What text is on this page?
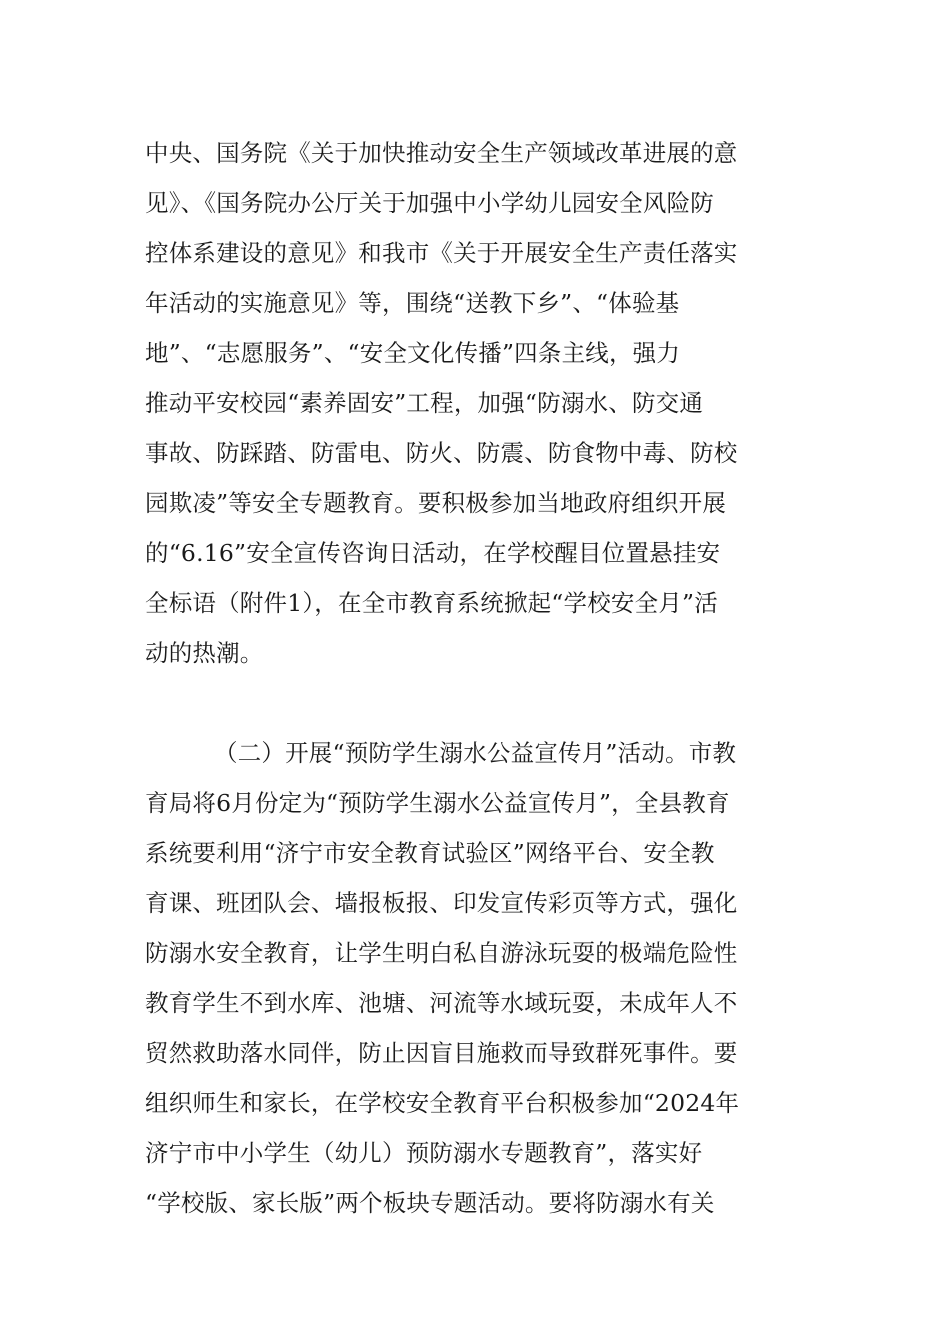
中央、国务院《关于加快推动安全生产领域改革进展的意
见》、《国务院办公厅关于加强中小学幼儿园安全风险防
控体系建设的意见》和我市《关于开展安全生产责任落实
年活动的实施意见》等，围绕“送教下乡”、“体验基
地”、“志愿服务”、“安全文化传播”四条主线，强力
推动平安校园“素养固安”工程，加强“防溺水、防交通
事故、防踩踏、防雷电、防火、防震、防食物中毒、防校
园欺凌”等安全专题教育。要积极参加当地政府组织开展
的“6.16”安全宣传咨询日活动，在学校醒目位置悬挂安
全标语（附件1），在全市教育系统掀起“学校安全月”活
动的热潮。
（二）开展“预防学生溺水公益宣传月”活动。市教
育局将6月份定为“预防学生溺水公益宣传月”，全县教育
系统要利用“济宁市安全教育试验区”网络平台、安全教
育课、班团队会、墙报板报、印发宣传彩页等方式，强化
防溺水安全教育，让学生明白私自游泳玩耍的极端危险性
教育学生不到水库、池塘、河流等水域玩耍，未成年人不
贸然救助落水同伴，防止因盲目施救而导致群死事件。要
组织师生和家长，在学校安全教育平台积极参加“2024年
济宁市中小学生（幼儿）预防溺水专题教育”，落实好
“学校版、家长版”两个板块专题活动。要将防溺水有关
